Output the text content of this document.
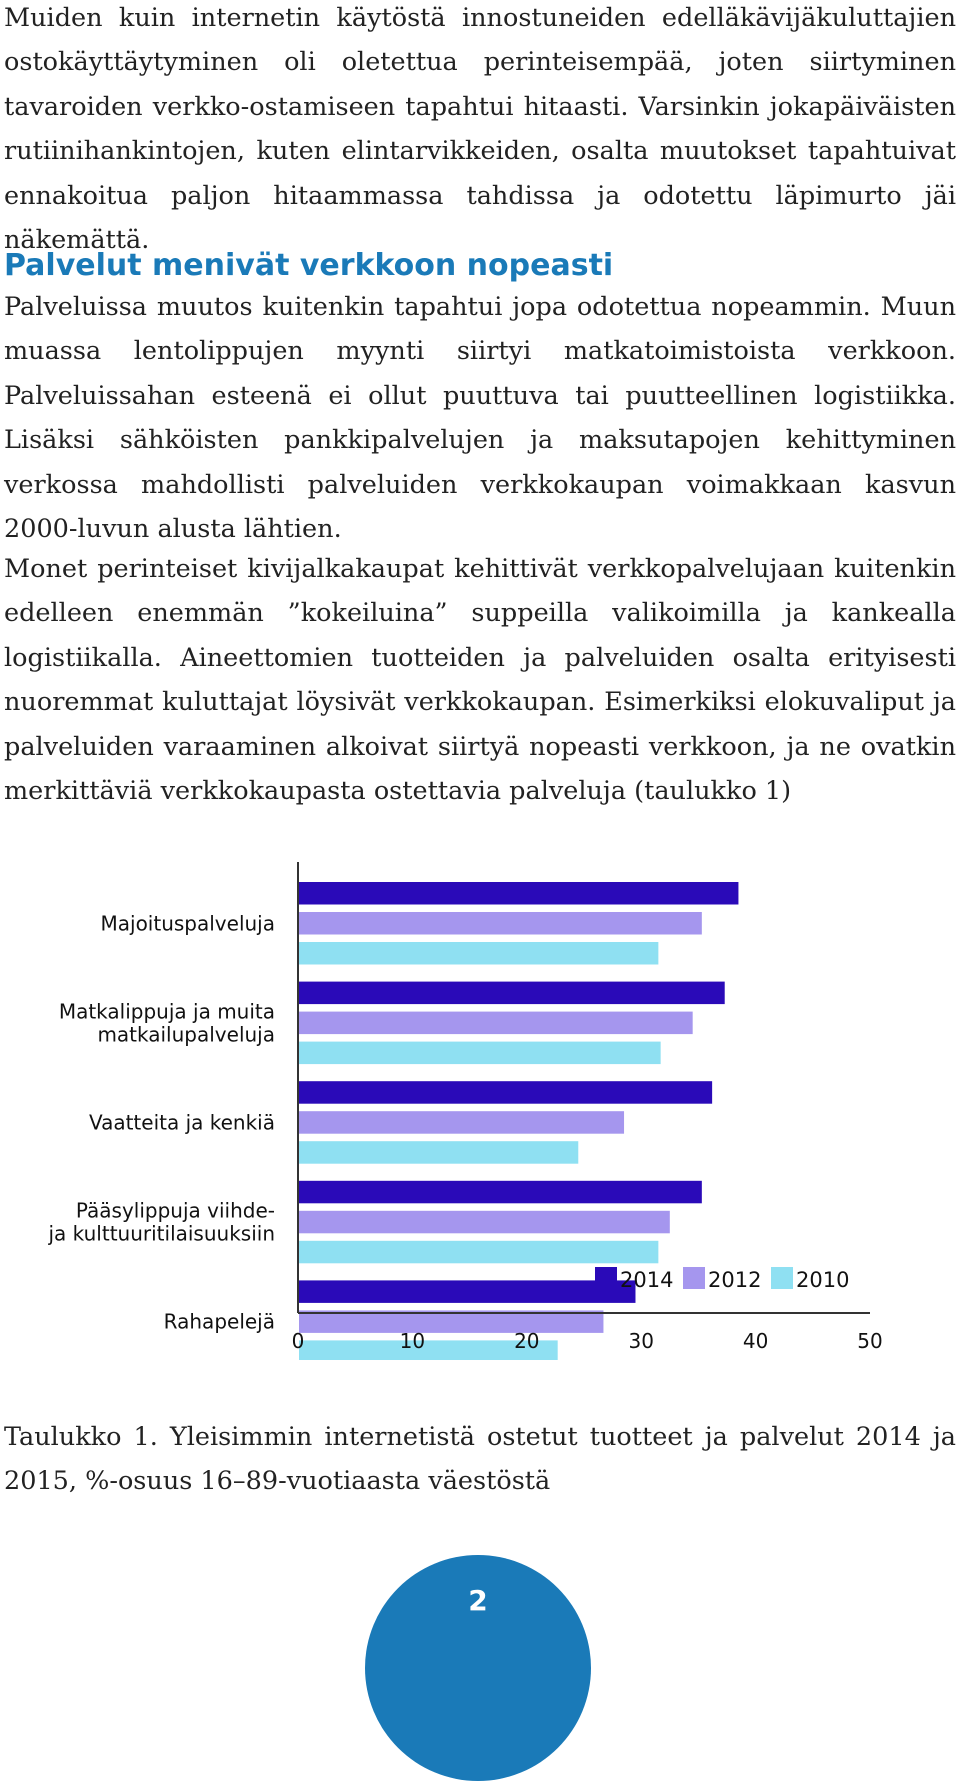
Muiden kuin internetin käytöstä innostuneiden edelläkävijäkuluttajien ostokäyttäytyminen oli oletettua perinteisempää, joten siirtyminen tavaroiden verkko-ostamiseen tapahtui hitaasti. Varsinkin jokapäiväisten rutiinihankintojen, kuten elintarvikkeiden, osalta muutokset tapahtuivat ennakoitua paljon hitaammassa tahdissa ja odotettu läpimurto jäi näkemättä.

Palvelut menivät verkkoon nopeasti

Palveluissa muutos kuitenkin tapahtui jopa odotettua nopeammin. Muun muassa lentolippujen myynti siirtyi matkatoimistoista verkkoon. Palveluissahan esteenä ei ollut puuttuva tai puutteellinen logistiikka. Lisäksi sähköisten pankkipalvelujen ja maksutapojen kehittyminen verkossa mahdollisti palveluiden verkkokaupan voimakkaan kasvun 2000-luvun alusta lähtien.

Monet perinteiset kivijalkakaupat kehittivät verkkopalvelujaan kuitenkin edelleen enemmän ”kokeiluina” suppeilla valikoimilla ja kankealla logistiikalla. Aineettomien tuotteiden ja palveluiden osalta erityisesti nuoremmat kuluttajat löysivät verkkokaupan. Esimerkiksi elokuvaliput ja palveluiden varaaminen alkoivat siirtyä nopeasti verkkoon, ja ne ovatkin merkittäviä verkkokaupasta ostettavia palveluja (taulukko 1)

Majoituspalveluja
Matkalippuja ja muita
matkailupalveluja
Vaatteita ja kenkiä
Pääsylippuja viihde-
ja kulttuuritilaisuuksiin
Rahapelejä
0	10	20	30	40	50
2014 2012 2010

Taulukko 1. Yleisimmin internetistä ostetut tuotteet ja palvelut 2014 ja 2015, %-osuus 16–89-vuotiaasta väestöstä

2
